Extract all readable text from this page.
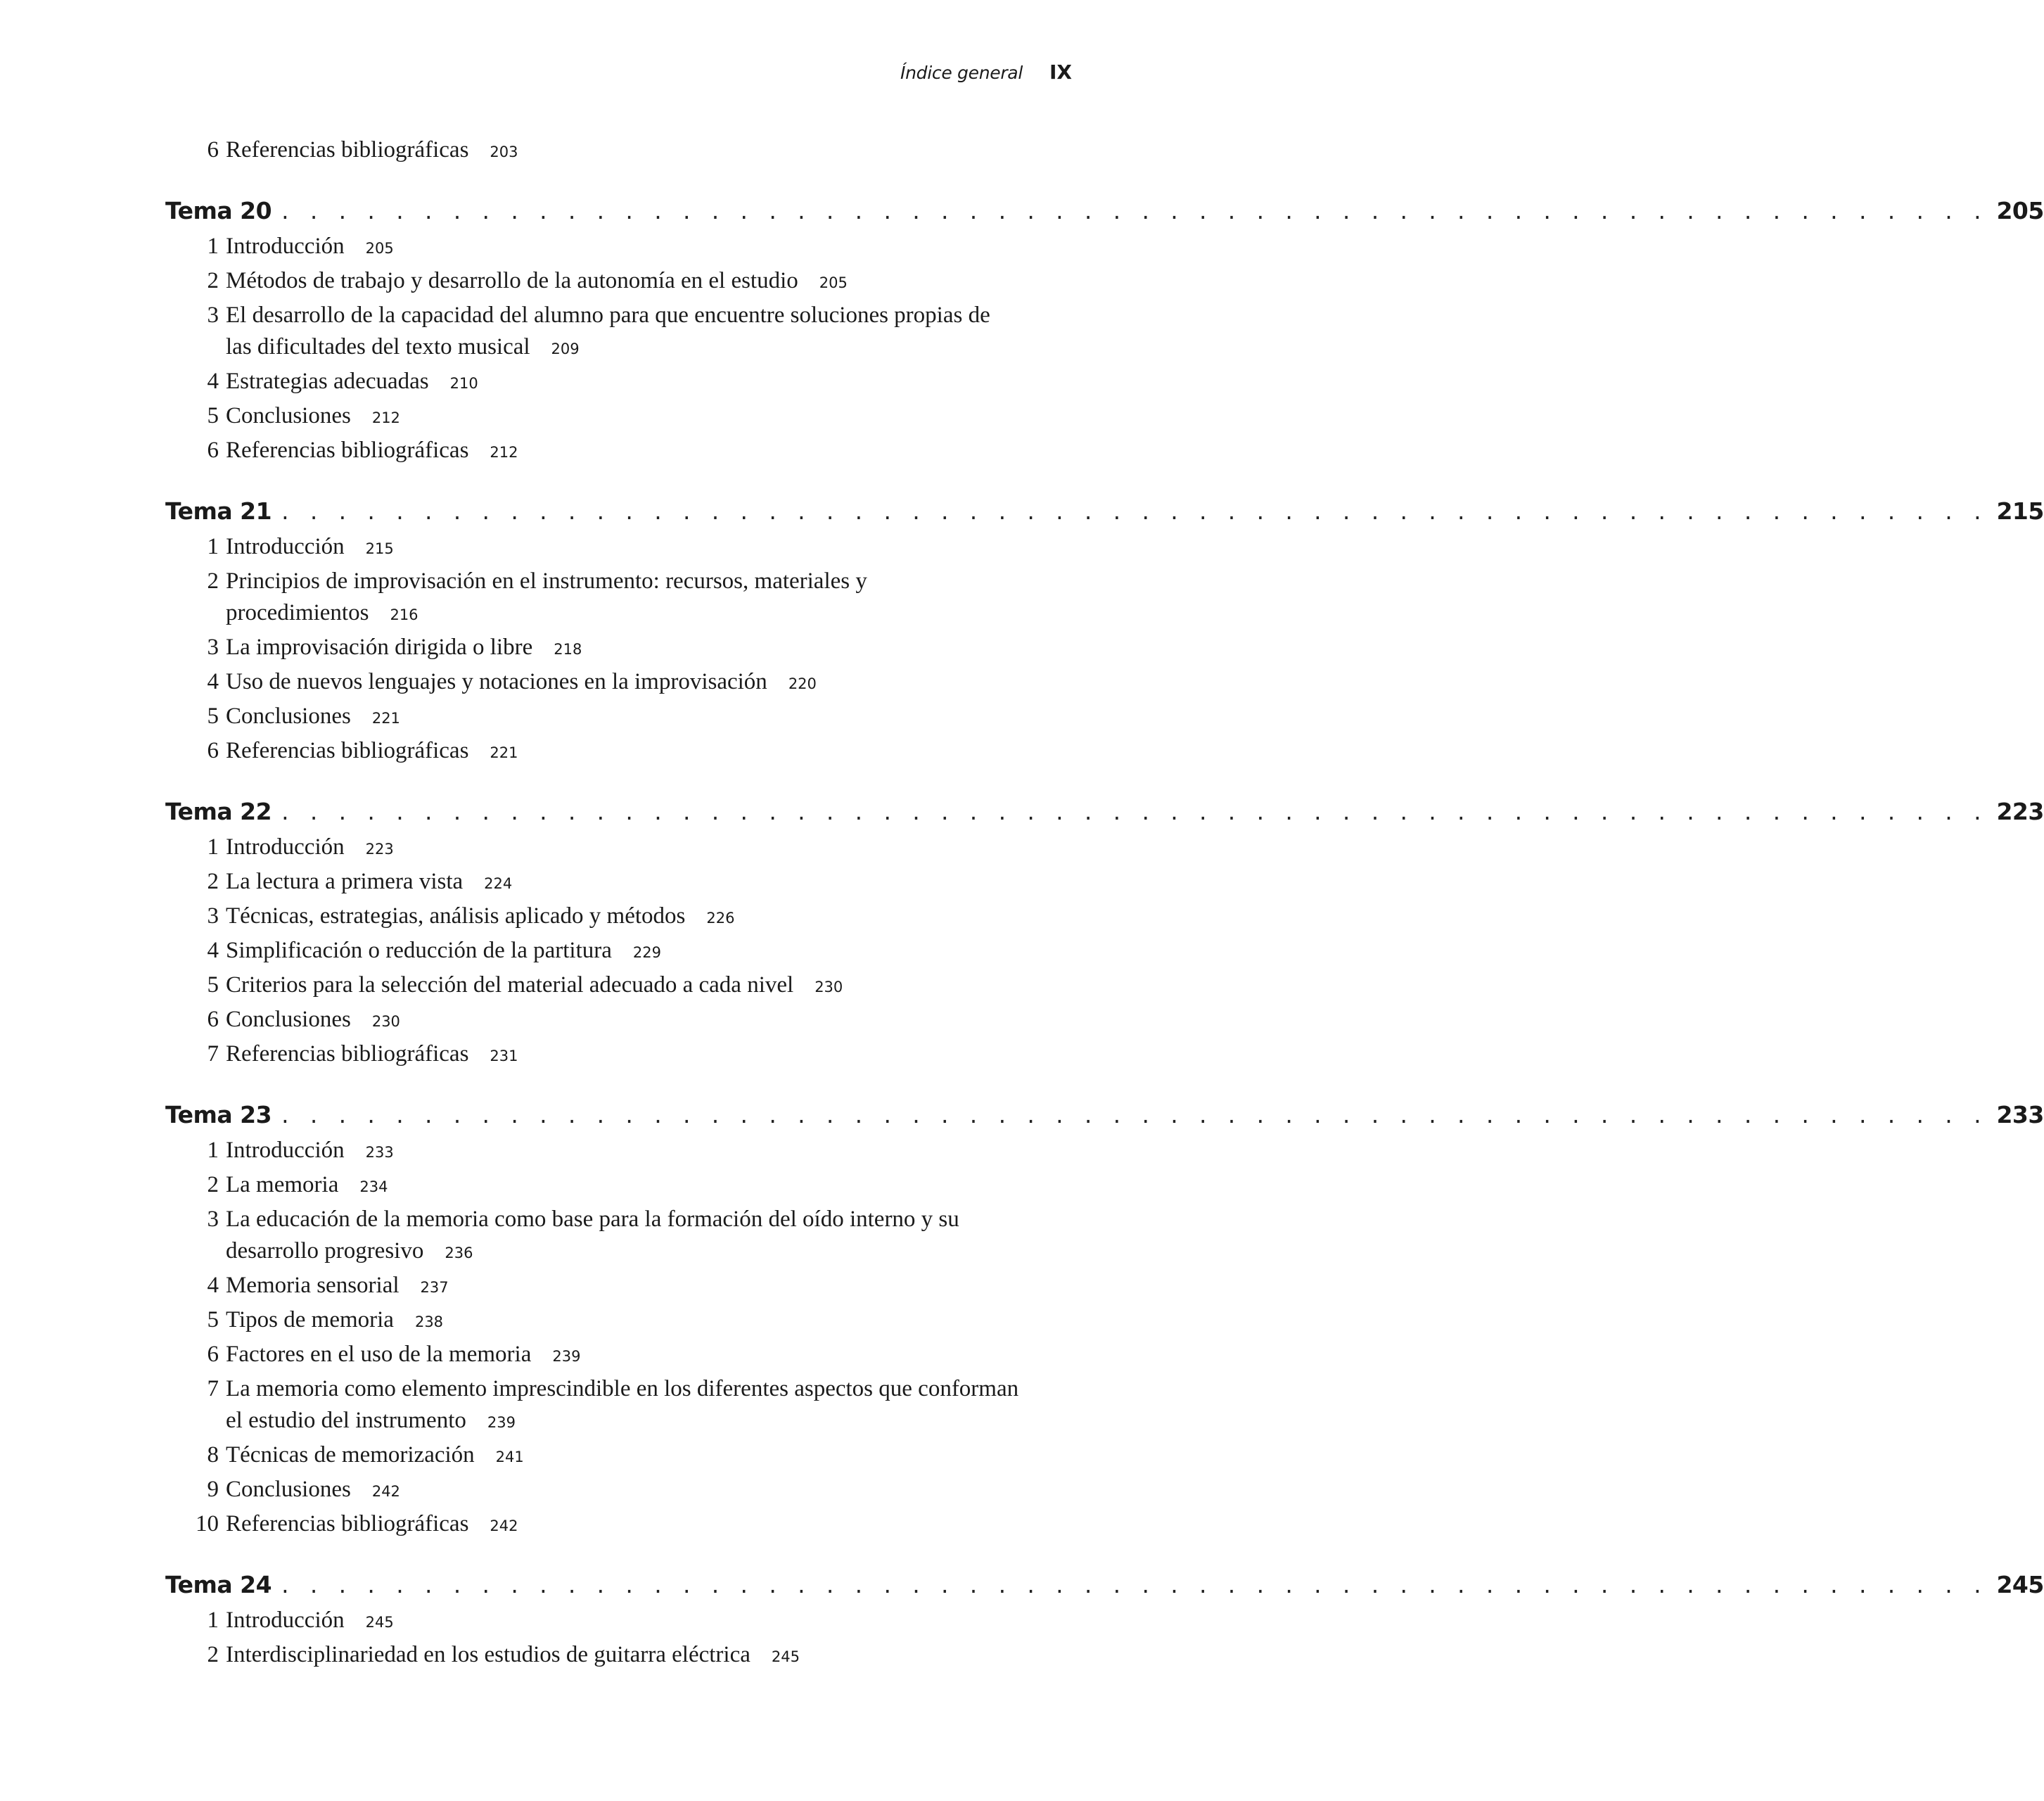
Índice general IX
6 Referencias bibliográficas 203
Tema 20 . . . . . . . . . . . . . . . . . . . . . . . . . . . . . . . . . . . . . . . . . . . . . . . . . . . . . . . . . . . . 205
1 Introducción 205
2 Métodos de trabajo y desarrollo de la autonomía en el estudio 205
3 El desarrollo de la capacidad del alumno para que encuentre soluciones propias de las dificultades del texto musical 209
4 Estrategias adecuadas 210
5 Conclusiones 212
6 Referencias bibliográficas 212
Tema 21 . . . . . . . . . . . . . . . . . . . . . . . . . . . . . . . . . . . . . . . . . . . . . . . . . . . . . . . . . . . . 215
1 Introducción 215
2 Principios de improvisación en el instrumento: recursos, materiales y procedimientos 216
3 La improvisación dirigida o libre 218
4 Uso de nuevos lenguajes y notaciones en la improvisación 220
5 Conclusiones 221
6 Referencias bibliográficas 221
Tema 22 . . . . . . . . . . . . . . . . . . . . . . . . . . . . . . . . . . . . . . . . . . . . . . . . . . . . . . . . . . . . 223
1 Introducción 223
2 La lectura a primera vista 224
3 Técnicas, estrategias, análisis aplicado y métodos 226
4 Simplificación o reducción de la partitura 229
5 Criterios para la selección del material adecuado a cada nivel 230
6 Conclusiones 230
7 Referencias bibliográficas 231
Tema 23 . . . . . . . . . . . . . . . . . . . . . . . . . . . . . . . . . . . . . . . . . . . . . . . . . . . . . . . . . . . . 233
1 Introducción 233
2 La memoria 234
3 La educación de la memoria como base para la formación del oído interno y su desarrollo progresivo 236
4 Memoria sensorial 237
5 Tipos de memoria 238
6 Factores en el uso de la memoria 239
7 La memoria como elemento imprescindible en los diferentes aspectos que conforman el estudio del instrumento 239
8 Técnicas de memorización 241
9 Conclusiones 242
10 Referencias bibliográficas 242
Tema 24 . . . . . . . . . . . . . . . . . . . . . . . . . . . . . . . . . . . . . . . . . . . . . . . . . . . . . . . . . . . . 245
1 Introducción 245
2 Interdisciplinariedad en los estudios de guitarra eléctrica 245
